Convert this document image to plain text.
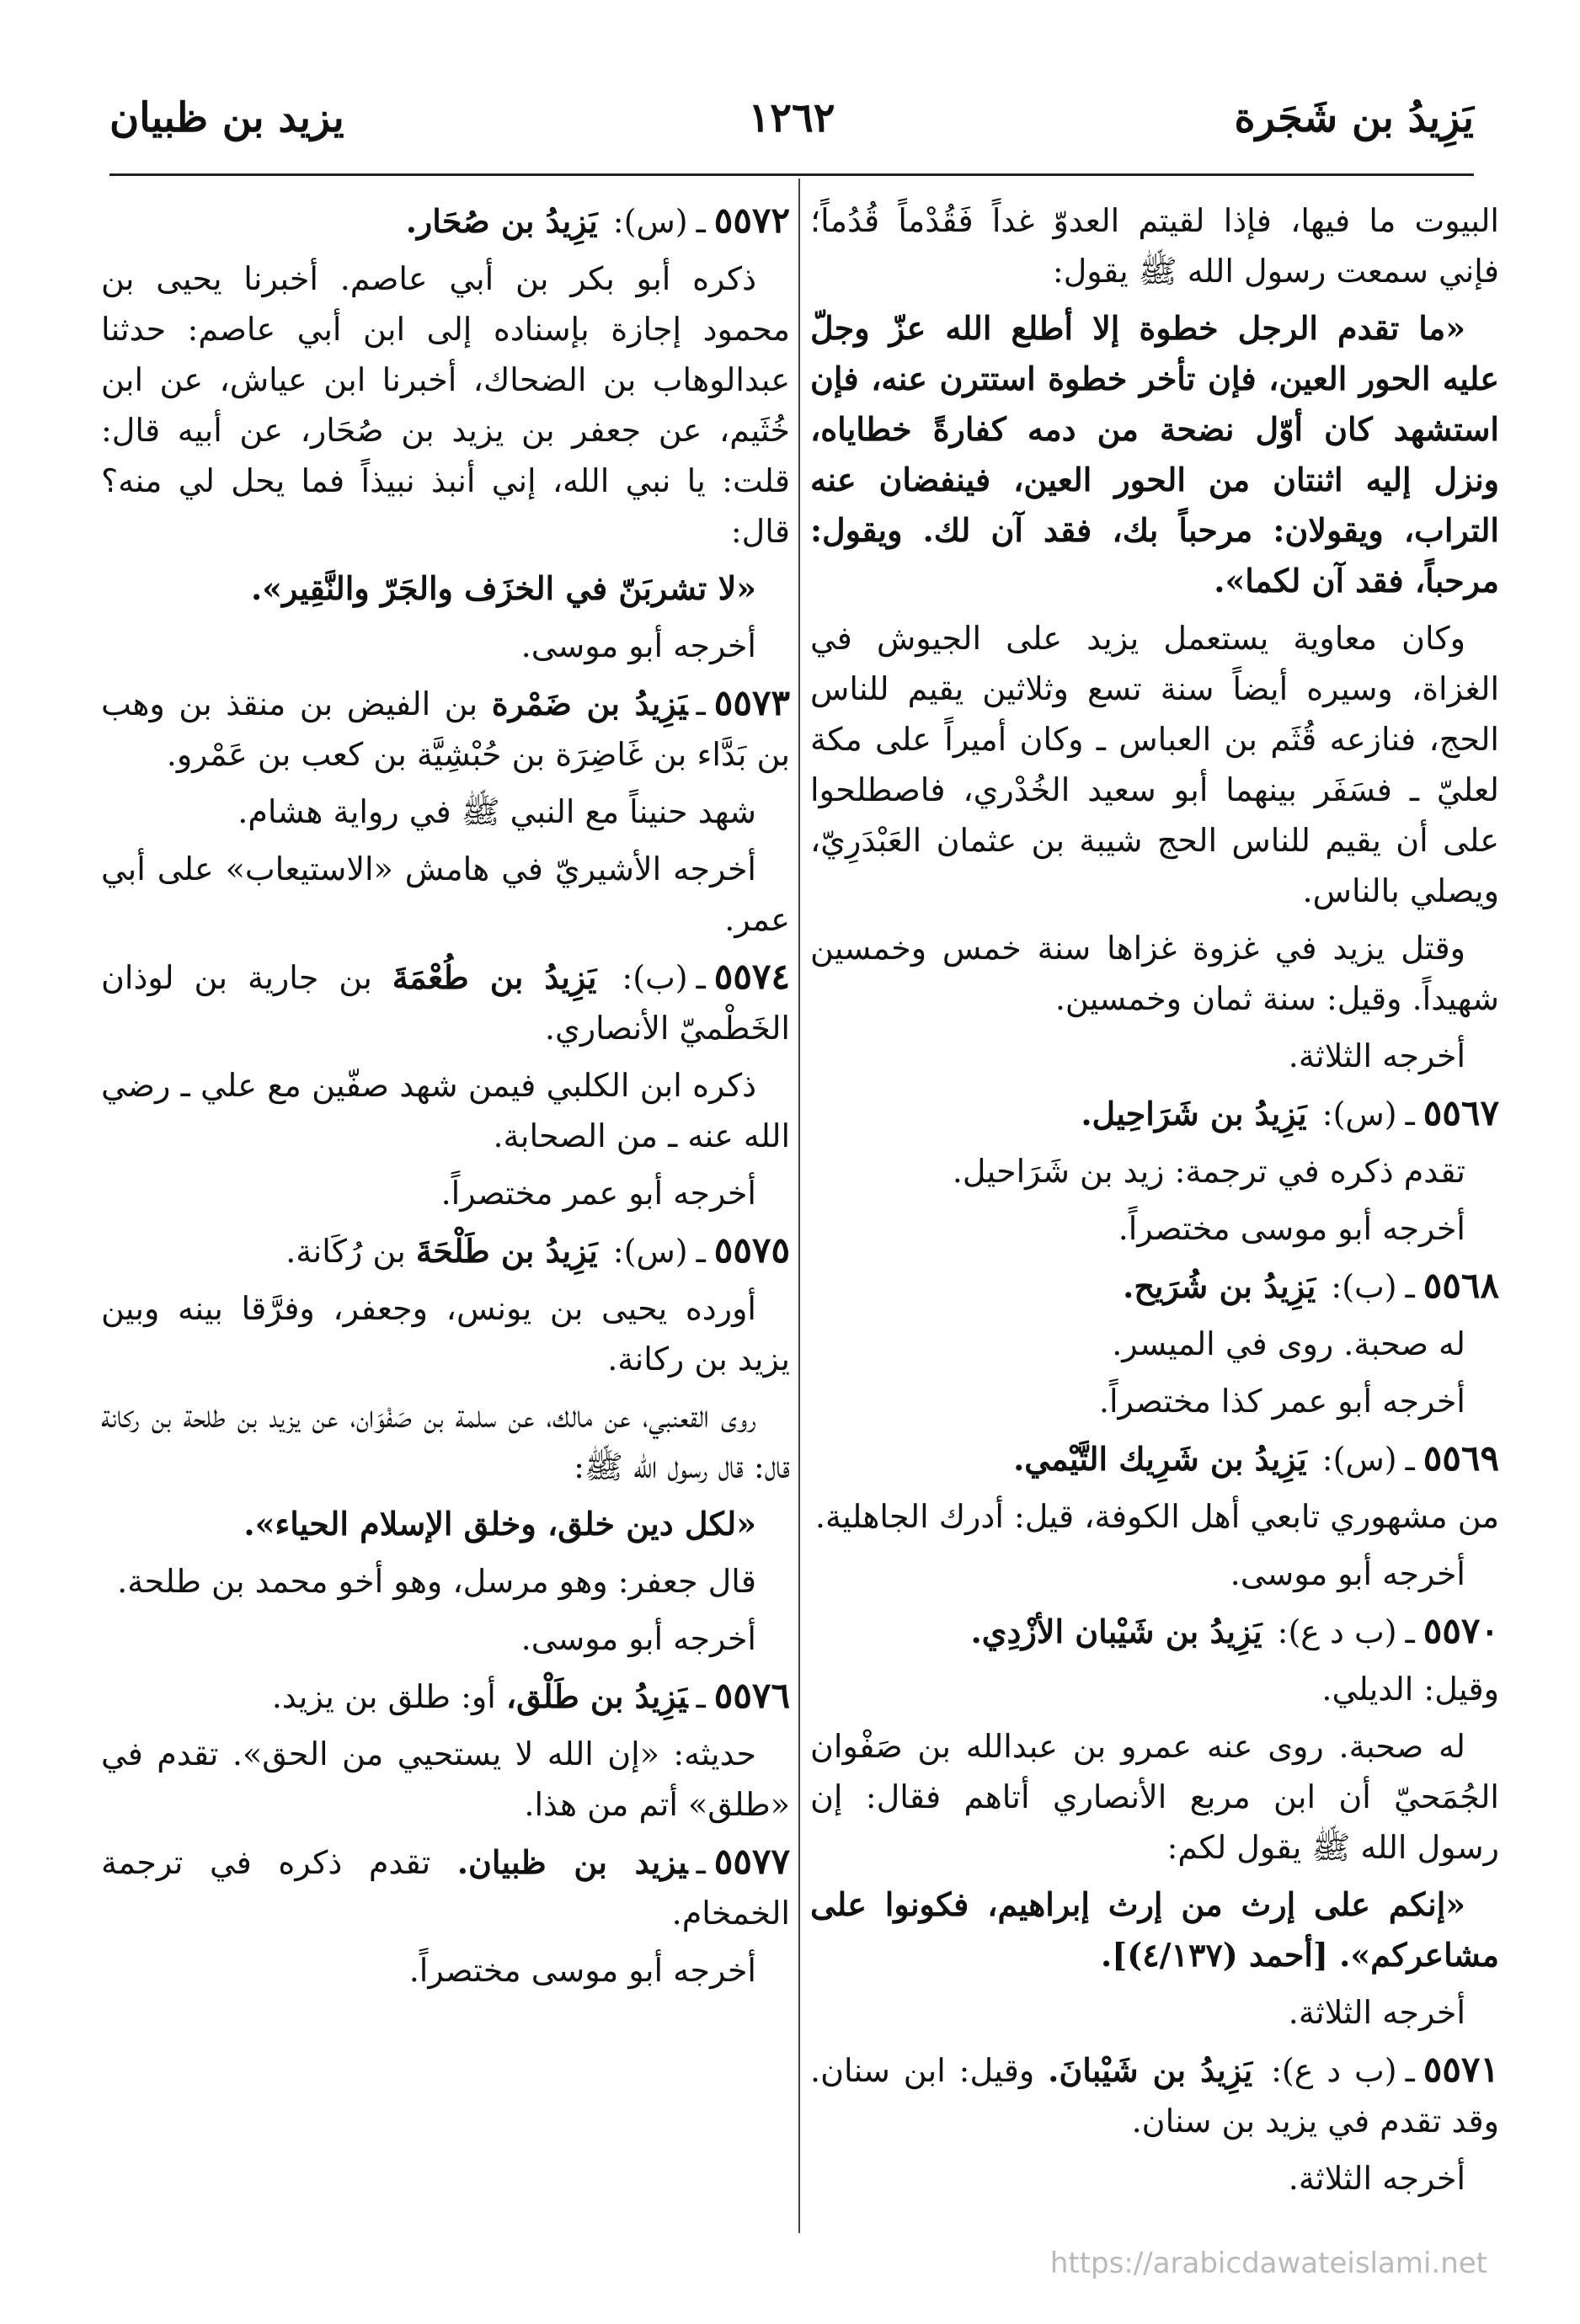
يَزِيدُ بن شَجَرة
١٢٦٢
يزيد بن ظبيان

البيوت ما فيها، فإذا لقيتم العدوّ غداً فَقُدْماً قُدُماً؛ فإني سمعت رسول الله ﷺ يقول:

«ما تقدم الرجل خطوة إلا أطلع الله عزّ وجلّ عليه الحور العين، فإن تأخر خطوة استترن عنه، فإن استشهد كان أوّل نضحة من دمه كفارةً خطاياه، ونزل إليه اثنتان من الحور العين، فينفضان عنه التراب، ويقولان: مرحباً بك، فقد آن لك. ويقول: مرحباً، فقد آن لكما».

وكان معاوية يستعمل يزيد على الجيوش في الغزاة، وسيره أيضاً سنة تسع وثلاثين يقيم للناس الحج، فنازعه قُثَم بن العباس ـ وكان أميراً على مكة لعليّ ـ فسَفَر بينهما أبو سعيد الخُدْري، فاصطلحوا على أن يقيم للناس الحج شيبة بن عثمان العَبْدَرِيّ، ويصلي بالناس.

وقتل يزيد في غزوة غزاها سنة خمس وخمسين شهيداً. وقيل: سنة ثمان وخمسين.

أخرجه الثلاثة.

٥٥٦٧ـ(س): يَزِيدُ بن شَرَاحِيل.

تقدم ذكره في ترجمة: زيد بن شَرَاحيل.

أخرجه أبو موسى مختصراً.

٥٥٦٨ـ(ب): يَزِيدُ بن شُرَيح.

له صحبة. روى في الميسر.

أخرجه أبو عمر كذا مختصراً.

٥٥٦٩ـ(س): يَزِيدُ بن شَرِيك التَّيْمي.

من مشهوري تابعي أهل الكوفة، قيل: أدرك الجاهلية.

أخرجه أبو موسى.

٥٥٧٠ـ(ب د ع): يَزِيدُ بن شَيْبان الأزْدِي.

وقيل: الديلي.

له صحبة. روى عنه عمرو بن عبدالله بن صَفْوان الجُمَحيّ أن ابن مربع الأنصاري أتاهم فقال: إن رسول الله ﷺ يقول لكم:

«إنكم على إرث من إرث إبراهيم، فكونوا على مشاعركم». [أحمد (٤/١٣٧)].

أخرجه الثلاثة.

٥٥٧١ـ(ب د ع): يَزِيدُ بن شَيْبانَ. وقيل: ابن سنان. وقد تقدم في يزيد بن سنان.

أخرجه الثلاثة.

٥٥٧٢ـ(س): يَزِيدُ بن صُحَار.

ذكره أبو بكر بن أبي عاصم. أخبرنا يحيى بن محمود إجازة بإسناده إلى ابن أبي عاصم: حدثنا عبدالوهاب بن الضحاك، أخبرنا ابن عياش، عن ابن خُثَيم، عن جعفر بن يزيد بن صُحَار، عن أبيه قال: قلت: يا نبي الله، إني أنبذ نبيذاً فما يحل لي منه؟ قال:

«لا تشربَنّ في الخزَف والجَرّ والنَّقِير».

أخرجه أبو موسى.

٥٥٧٣ـيَزِيدُ بن ضَمْرة بن الفيض بن منقذ بن وهب بن بَدَّاء بن غَاضِرَة بن حُبْشِيَّة بن كعب بن عَمْرو.

شهد حنيناً مع النبي ﷺ في رواية هشام.

أخرجه الأشيريّ في هامش «الاستيعاب» على أبي عمر.

٥٥٧٤ـ(ب): يَزِيدُ بن طُعْمَةَ بن جارية بن لوذان الخَطْميّ الأنصاري.

ذكره ابن الكلبي فيمن شهد صفّين مع علي ـ رضي الله عنه ـ من الصحابة.

أخرجه أبو عمر مختصراً.

٥٥٧٥ـ(س): يَزِيدُ بن طَلْحَةَ بن رُكَانة.

أورده يحيى بن يونس، وجعفر، وفرَّقا بينه وبين يزيد بن ركانة.

روى القعنبي، عن مالك، عن سلمة بن صَفْوَان، عن يزيد بن طلحة بن ركانة قال: قال رسول الله ﷺ:

«لكل دين خلق، وخلق الإسلام الحياء».

قال جعفر: وهو مرسل، وهو أخو محمد بن طلحة.

أخرجه أبو موسى.

٥٥٧٦ـيَزِيدُ بن طَلْق، أو: طلق بن يزيد.

حديثه: «إن الله لا يستحيي من الحق». تقدم في «طلق» أتم من هذا.

٥٥٧٧ـيزيد بن ظبيان. تقدم ذكره في ترجمة الخمخام.

أخرجه أبو موسى مختصراً.

https://arabicdawateislami.net
